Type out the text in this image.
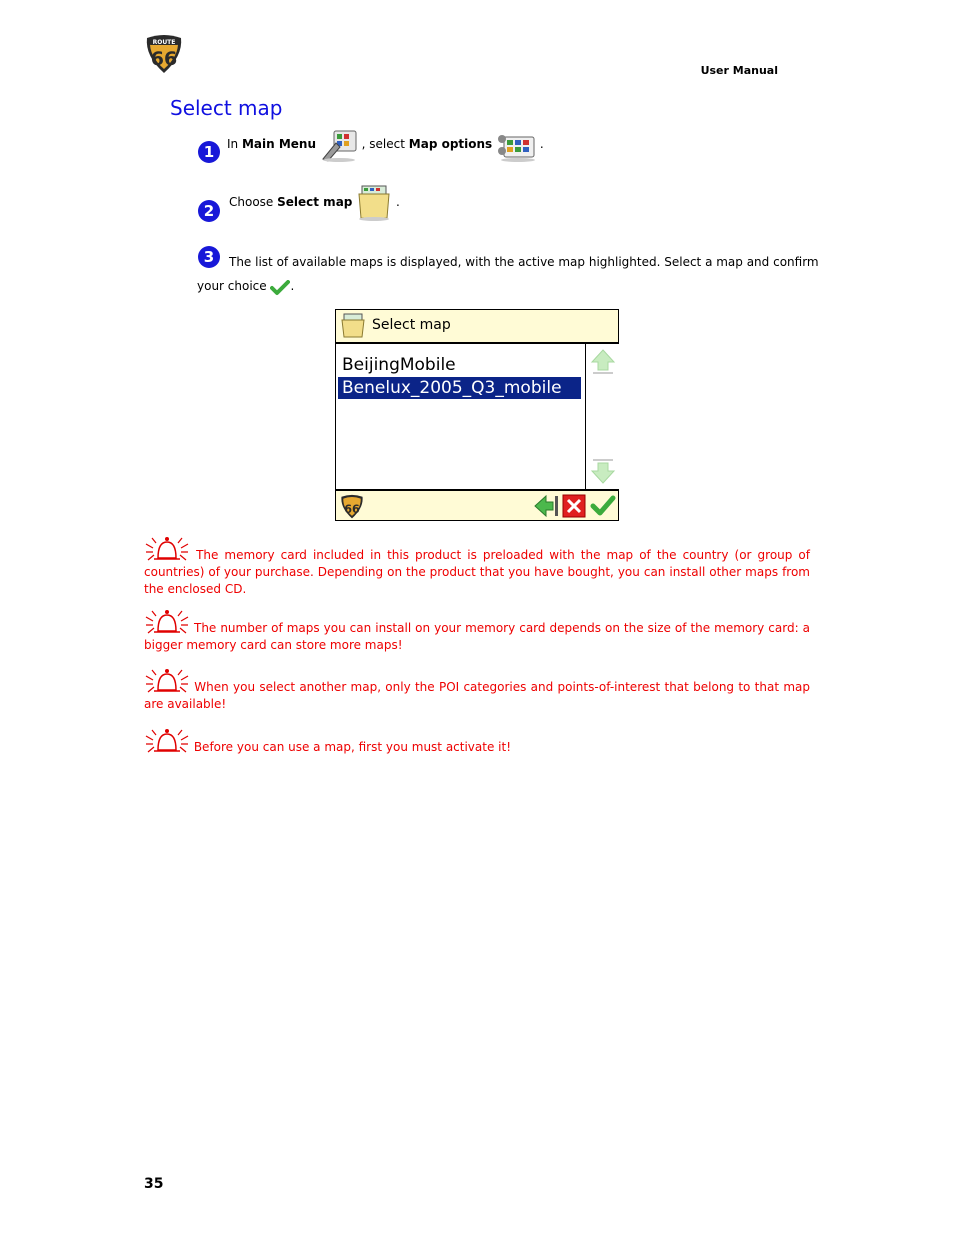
ROUTE
66
User Manual
Select map
1	In Main Menu	, select Map options	.
2	Choose Select map	.
3	The list of available maps is displayed, with the active map highlighted. Select a map and confirm
your choice .
Select map
BeijingMobile
Benelux_2005_Q3_mobile
66
The memory card included in this product is preloaded with the map of the country (or group of countries) of your purchase. Depending on the product that you have bought, you can install other maps from the enclosed CD.
The number of maps you can install on your memory card depends on the size of the memory card: a bigger memory card can store more maps!
When you select another map, only the POI categories and points-of-interest that belong to that map are available!
Before you can use a map, first you must activate it!
35
